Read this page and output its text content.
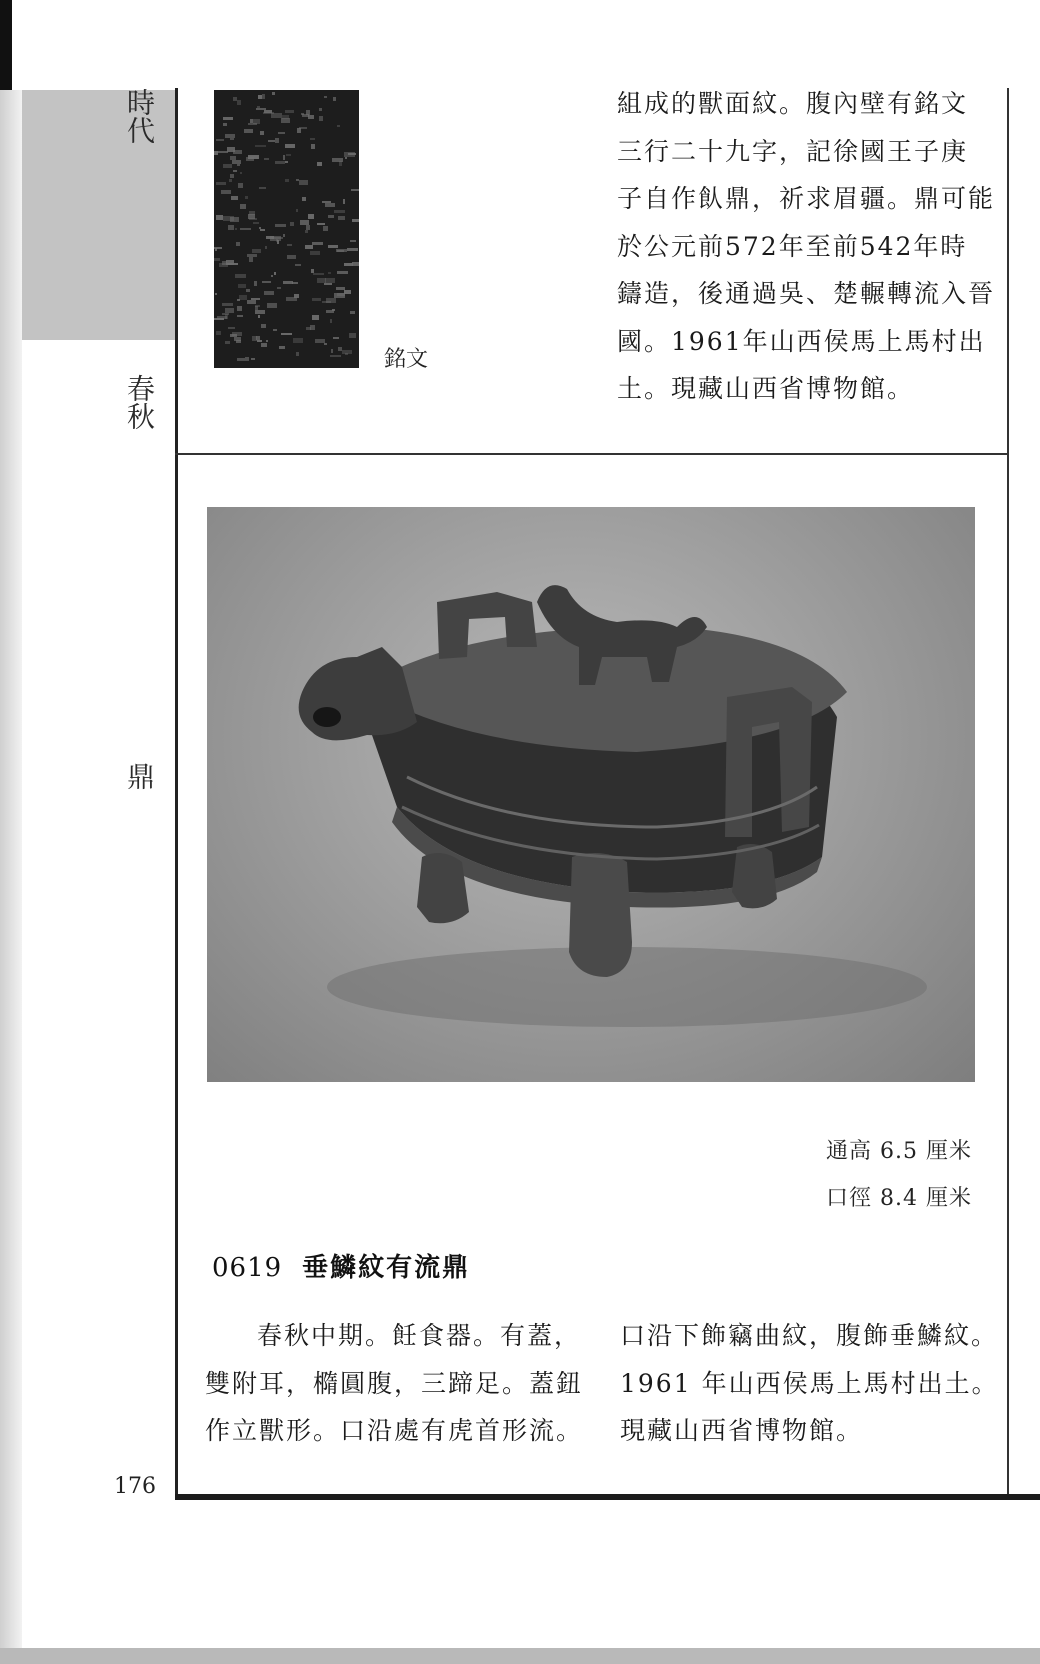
時代
春秋
鼎
176
銘文
組成的獸面紋。腹內壁有銘文
三行二十九字，記徐國王子庚
子自作飤鼎，祈求眉疆。鼎可能
於公元前572年至前542年時
鑄造，後通過吳、楚輾轉流入晉
國。1961年山西侯馬上馬村出
土。現藏山西省博物館。
通高 6.5 厘米
口徑 8.4 厘米
0619 垂鱗紋有流鼎
春秋中期。飪食器。有蓋，
雙附耳，橢圓腹，三蹄足。蓋鈕
作立獸形。口沿處有虎首形流。
口沿下飾竊曲紋，腹飾垂鱗紋。
1961 年山西侯馬上馬村出土。
現藏山西省博物館。
